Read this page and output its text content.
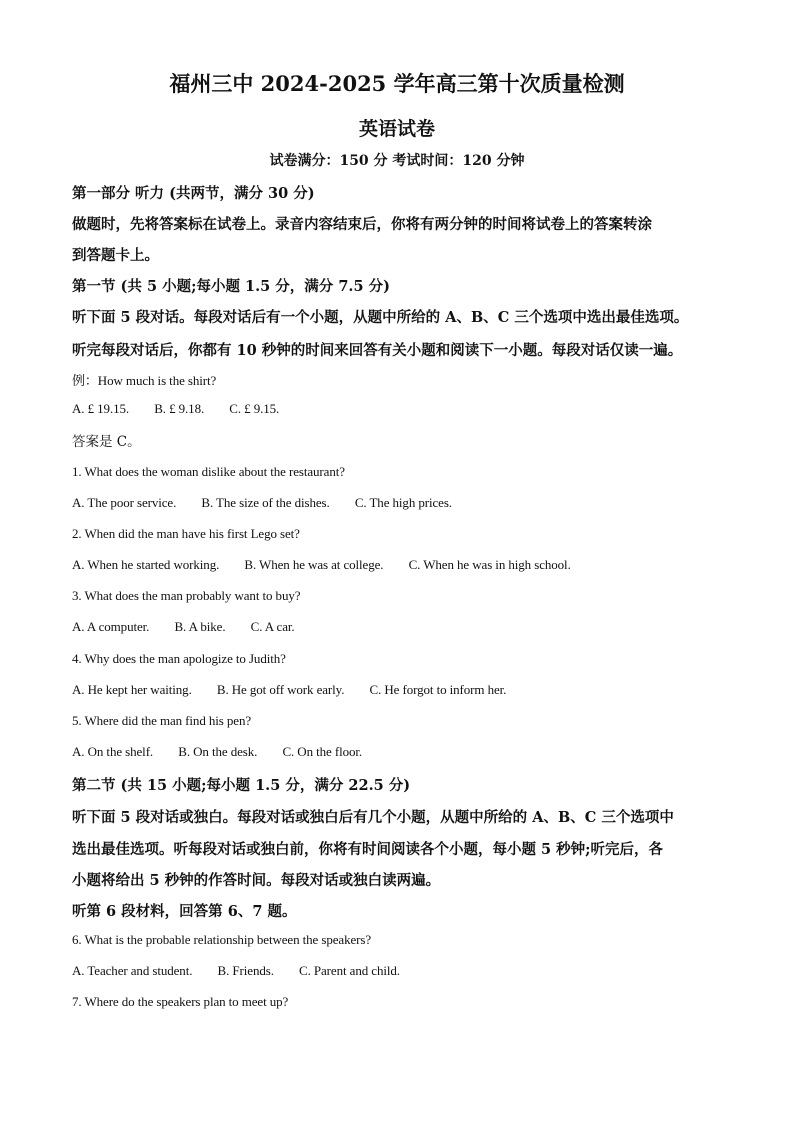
福州三中 2024-2025 学年高三第十次质量检测
英语试卷
试卷满分：150 分 考试时间：120 分钟
第一部分 听力 (共两节，满分 30 分)
做题时，先将答案标在试卷上。录音内容结束后，你将有两分钟的时间将试卷上的答案转涂
到答题卡上。
第一节 (共 5 小题;每小题 1.5 分，满分 7.5 分)
听下面 5 段对话。每段对话后有一个小题，从题中所给的 A、B、C 三个选项中选出最佳选项。
听完每段对话后，你都有 10 秒钟的时间来回答有关小题和阅读下一小题。每段对话仅读一遍。
例：How much is the shirt?
A. £ 19.15. B. £ 9.18. C. £ 9.15.
答案是 C。
1. What does the woman dislike about the restaurant?
A. The poor service. B. The size of the dishes. C. The high prices.
2. When did the man have his first Lego set?
A. When he started working. B. When he was at college. C. When he was in high school.
3. What does the man probably want to buy?
A. A computer. B. A bike. C. A car.
4. Why does the man apologize to Judith?
A. He kept her waiting. B. He got off work early. C. He forgot to inform her.
5. Where did the man find his pen?
A. On the shelf. B. On the desk. C. On the floor.
第二节 (共 15 小题;每小题 1.5 分，满分 22.5 分)
听下面 5 段对话或独白。每段对话或独白后有几个小题，从题中所给的 A、B、C 三个选项中
选出最佳选项。听每段对话或独白前，你将有时间阅读各个小题，每小题 5 秒钟;听完后，各
小题将给出 5 秒钟的作答时间。每段对话或独白读两遍。
听第 6 段材料，回答第 6、7 题。
6. What is the probable relationship between the speakers?
A. Teacher and student. B. Friends. C. Parent and child.
7. Where do the speakers plan to meet up?
